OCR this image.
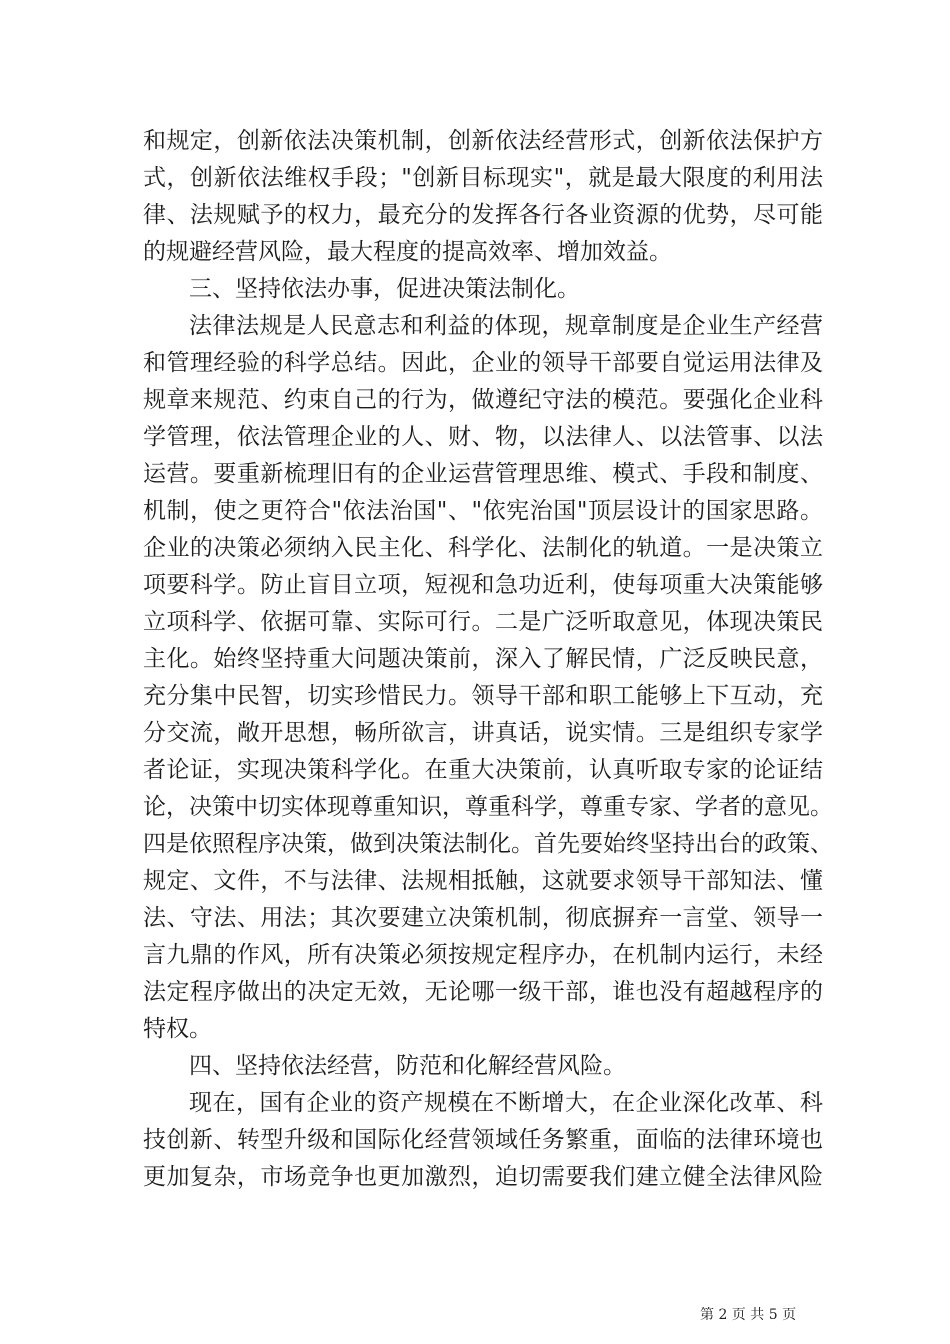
和规定，创新依法决策机制，创新依法经营形式，创新依法保护方
式，创新依法维权手段；"创新目标现实"，就是最大限度的利用法
律、法规赋予的权力，最充分的发挥各行各业资源的优势，尽可能
的规避经营风险，最大程度的提高效率、增加效益。
三、坚持依法办事，促进决策法制化。
法律法规是人民意志和利益的体现，规章制度是企业生产经营
和管理经验的科学总结。因此，企业的领导干部要自觉运用法律及
规章来规范、约束自己的行为，做遵纪守法的模范。要强化企业科
学管理，依法管理企业的人、财、物，以法律人、以法管事、以法
运营。要重新梳理旧有的企业运营管理思维、模式、手段和制度、
机制，使之更符合"依法治国"、"依宪治国"顶层设计的国家思路。
企业的决策必须纳入民主化、科学化、法制化的轨道。一是决策立
项要科学。防止盲目立项，短视和急功近利，使每项重大决策能够
立项科学、依据可靠、实际可行。二是广泛听取意见，体现决策民
主化。始终坚持重大问题决策前，深入了解民情，广泛反映民意，
充分集中民智，切实珍惜民力。领导干部和职工能够上下互动，充
分交流，敞开思想，畅所欲言，讲真话，说实情。三是组织专家学
者论证，实现决策科学化。在重大决策前，认真听取专家的论证结
论，决策中切实体现尊重知识，尊重科学，尊重专家、学者的意见。
四是依照程序决策，做到决策法制化。首先要始终坚持出台的政策、
规定、文件，不与法律、法规相抵触，这就要求领导干部知法、懂
法、守法、用法；其次要建立决策机制，彻底摒弃一言堂、领导一
言九鼎的作风，所有决策必须按规定程序办，在机制内运行，未经
法定程序做出的决定无效，无论哪一级干部，谁也没有超越程序的
特权。
四、坚持依法经营，防范和化解经营风险。
现在，国有企业的资产规模在不断增大，在企业深化改革、科
技创新、转型升级和国际化经营领域任务繁重，面临的法律环境也
更加复杂，市场竞争也更加激烈，迫切需要我们建立健全法律风险
第 2 页 共 5 页
